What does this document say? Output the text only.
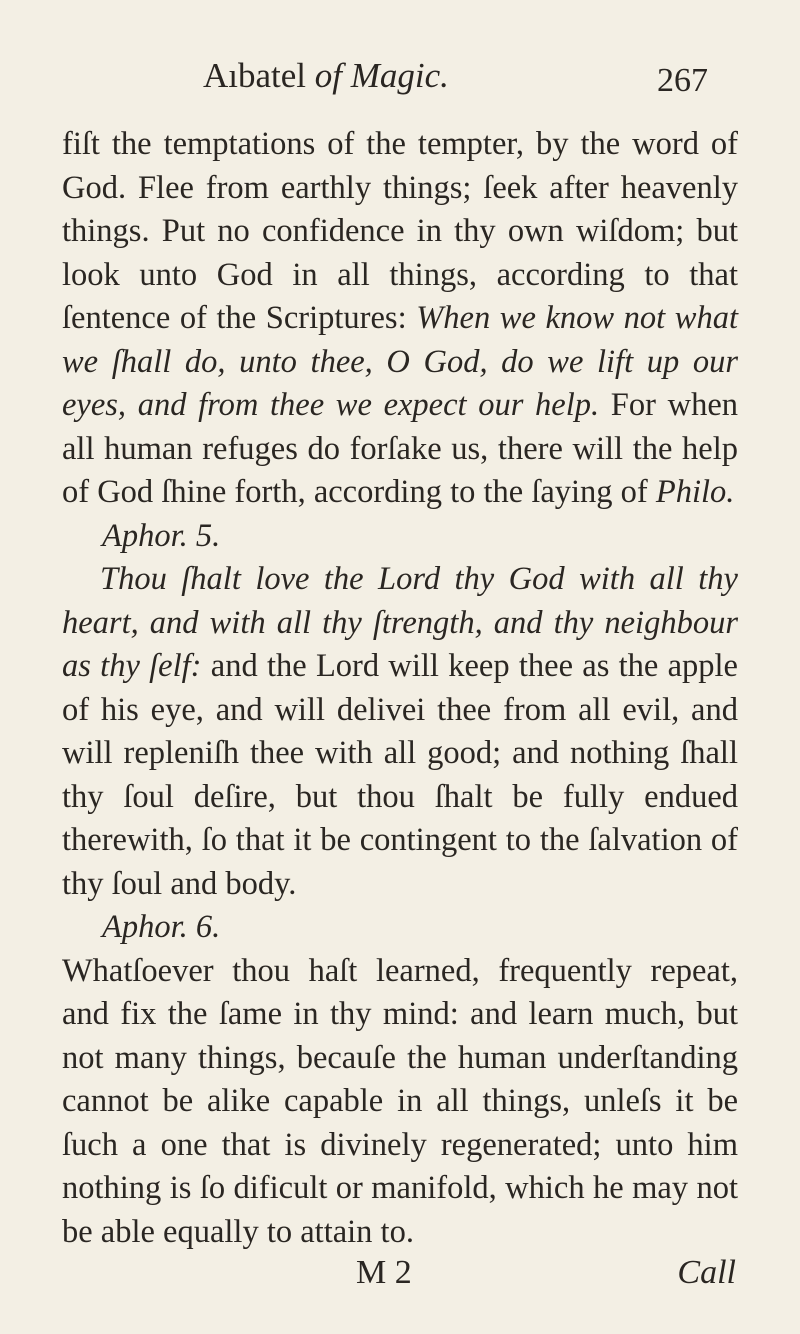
Aıbatel of Magic.	267

fiſt the temptations of the tempter, by the word of God. Flee from earthly things; ſeek after heavenly things. Put no confidence in thy own wiſdom; but look unto God in all things, according to that ſentence of the Scriptures: When we know not what we ſhall do, unto thee, O God, do we lift up our eyes, and from thee we expect our help. For when all human refuges do forſake us, there will the help of God ſhine forth, according to the ſaying of Philo.

Aphor. 5.

Thou ſhalt love the Lord thy God with all thy heart, and with all thy ſtrength, and thy neighbour as thy ſelf: and the Lord will keep thee as the apple of his eye, and will delivei thee from all evil, and will repleniſh thee with all good; and nothing ſhall thy ſoul deſire, but thou ſhalt be fully endued therewith, ſo that it be contingent to the ſalvation of thy ſoul and body.

Aphor. 6.

Whatſoever thou haſt learned, frequently repeat, and fix the ſame in thy mind: and learn much, but not many things, becauſe the human underſtanding cannot be alike capable in all things, unleſs it be ſuch a one that is divinely regenerated; unto him nothing is ſo dificult or manifold, which he may not be able equally to attain to.

M 2	Call
